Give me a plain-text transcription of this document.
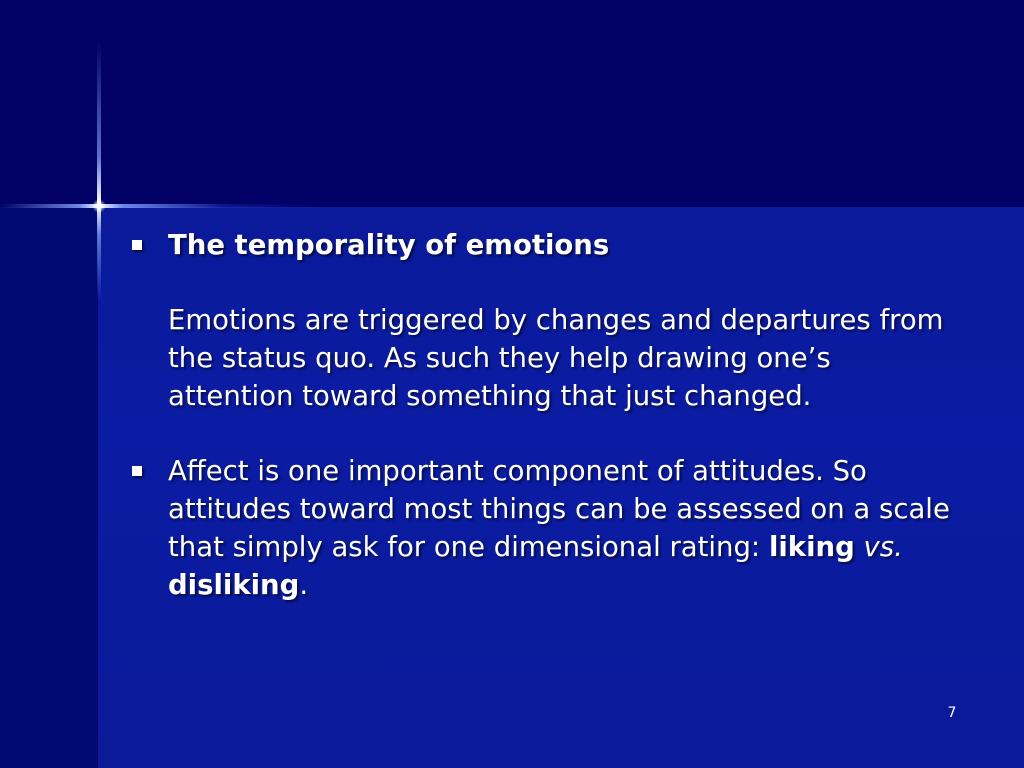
The temporality of emotions
Emotions are triggered by changes and departures from the status quo. As such they help drawing one’s attention toward something that just changed.
Affect is one important component of attitudes. So attitudes toward most things can be assessed on a scale that simply ask for one dimensional rating: liking vs. disliking.
7
